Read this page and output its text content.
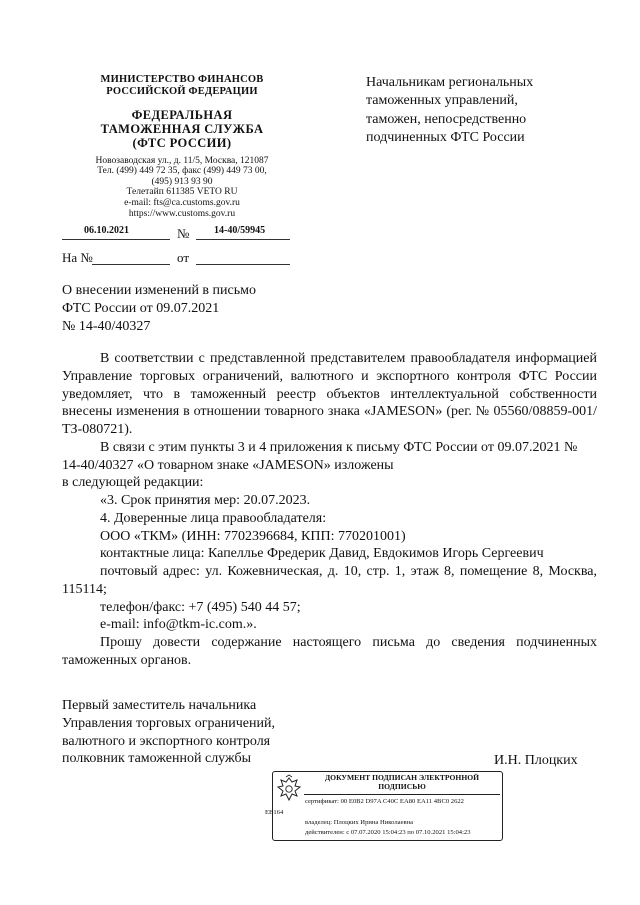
МИНИСТЕРСТВО ФИНАНСОВ
РОССИЙСКОЙ ФЕДЕРАЦИИ
ФЕДЕРАЛЬНАЯ
ТАМОЖЕННАЯ СЛУЖБА
(ФТС РОССИИ)
Новозаводская ул., д. 11/5, Москва, 121087
Тел. (499) 449 72 35, факс (499) 449 73 00,
(495) 913 93 90
Телетайп 611385 VETO RU
e-mail: fts@ca.customs.gov.ru
https://www.customs.gov.ru
06.10.2021	№ 14-40/59945
На №	от
Начальникам региональных
таможенных управлений,
таможен, непосредственно
подчиненных ФТС России
О внесении изменений в письмо
ФТС России от 09.07.2021
№ 14-40/40327

В соответствии с представленной представителем правообладателя информацией Управление торговых ограничений, валютного и экспортного контроля ФТС России уведомляет, что в таможенный реестр объектов интеллектуальной собственности внесены изменения в отношении товарного знака «JAMESON» (рег. № 05560/08859-001/ТЗ-080721).

В связи с этим пункты 3 и 4 приложения к письму ФТС России от 09.07.2021 № 14-40/40327 «О товарном знаке «JAMESON» изложены

в следующей редакции:

«3. Срок принятия мер: 20.07.2023.

4. Доверенные лица правообладателя:

ООО «ТКМ» (ИНН: 7702396684, КПП: 770201001)

контактные лица: Капеллье Фредерик Давид, Евдокимов Игорь Сергеевич

почтовый адрес: ул. Кожевническая, д. 10, стр. 1, этаж 8, помещение 8, Москва, 115114;

телефон/факс: +7 (495) 540 44 57;

e-mail: info@tkm-ic.com.».

Прошу довести содержание настоящего письма до сведения подчиненных таможенных органов.

Первый заместитель начальника
Управления торговых ограничений,
валютного и экспортного контроля
полковник таможенной службы	И.Н. Плоцких
ДОКУМЕНТ ПОДПИСАН ЭЛЕКТРОННОЙ
ПОДПИСЬЮ
сертификат: 00 E0B2 D97A C40C EA80 EA11 4BC0 2622
ЕВ164
владелец: Плоцких Ирина Николаевна
действителен: с 07.07.2020 15:04:23 по 07.10.2021 15:04:23
